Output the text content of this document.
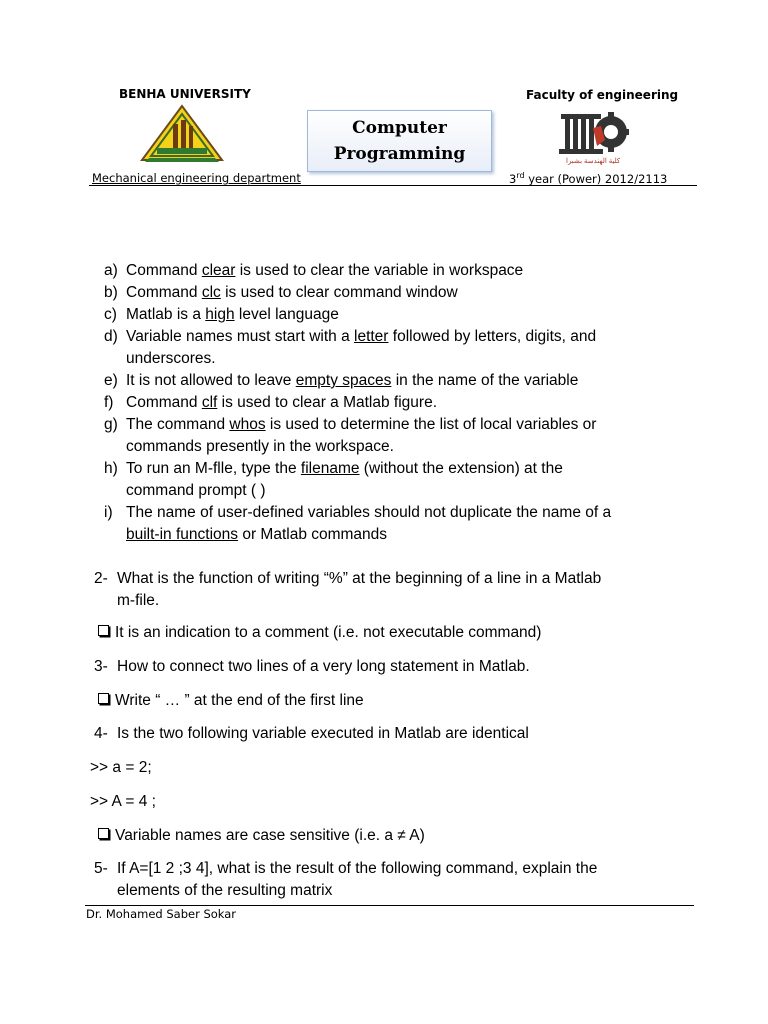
BENHA UNIVERSITY	Faculty of engineering
Computer
Programming	كلية الهندسة بشبرا
Mechanical engineering department	3rd year (Power) 2012/2113
a) Command clear is used to clear the variable in workspace
b) Command clc is used to clear command window
c) Matlab is a high level language
d) Variable names must start with a letter followed by letters, digits, and
underscores.
e) It is not allowed to leave empty spaces in the name of the variable
f) Command clf is used to clear a Matlab figure.
g) The command whos is used to determine the list of local variables or
commands presently in the workspace.
h) To run an M-flle, type the filename (without the extension) at the
command prompt ( )
i) The name of user-defined variables should not duplicate the name of a
built-in functions or Matlab commands
2- What is the function of writing “%” at the beginning of a line in a Matlab
m-file.
It is an indication to a comment (i.e. not executable command)
3- How to connect two lines of a very long statement in Matlab.
Write “ … ” at the end of the first line
4- Is the two following variable executed in Matlab are identical
>> a = 2;
>> A = 4 ;
Variable names are case sensitive (i.e. a ≠ A)
5- If A=[1 2 ;3 4], what is the result of the following command, explain the
elements of the resulting matrix
Dr. Mohamed Saber Sokar
